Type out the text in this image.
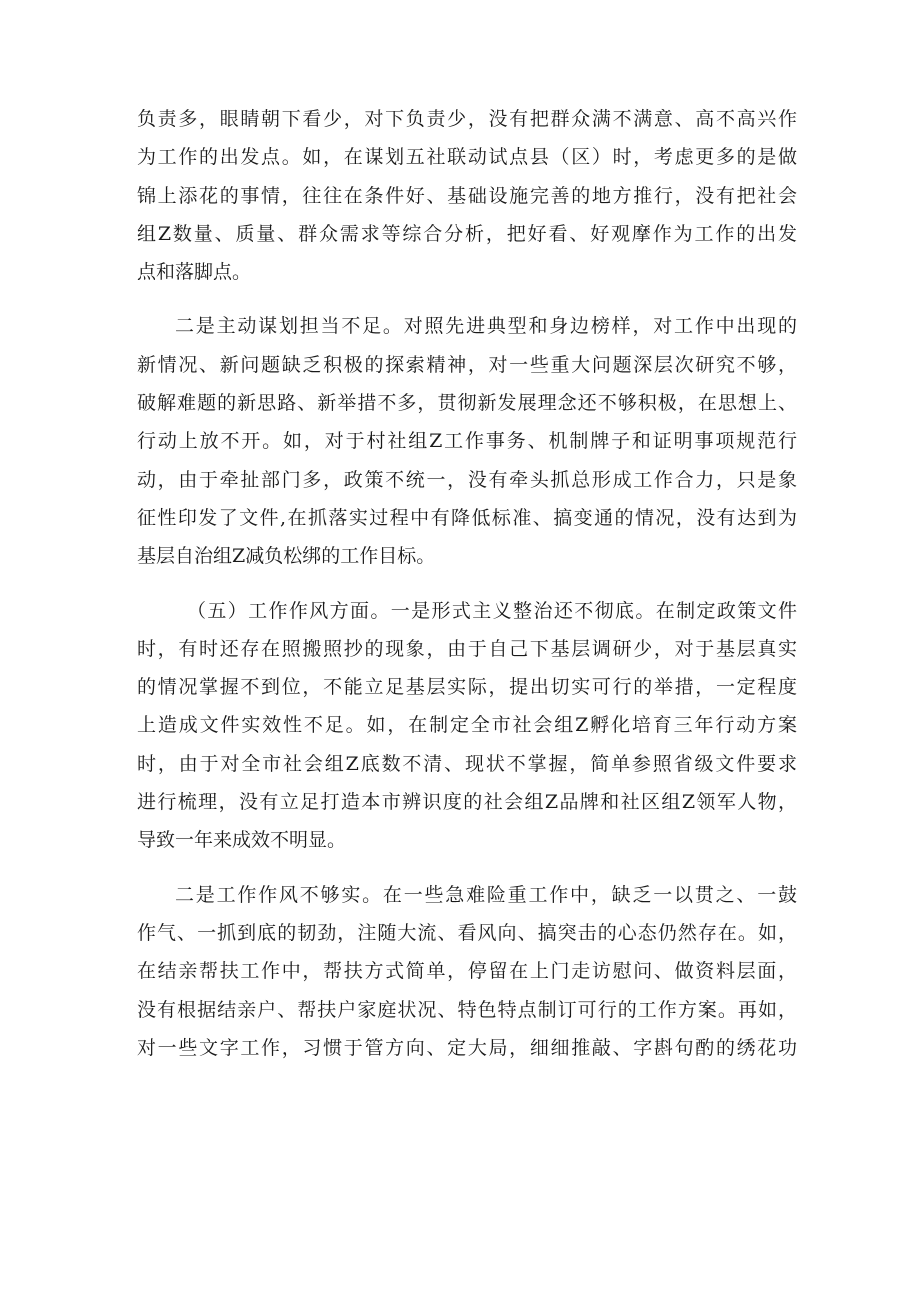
负责多，眼睛朝下看少，对下负责少，没有把群众满不满意、高不高兴作
为工作的出发点。如，在谋划五社联动试点县（区）时，考虑更多的是做
锦上添花的事情，往往在条件好、基础设施完善的地方推行，没有把社会
组Z数量、质量、群众需求等综合分析，把好看、好观摩作为工作的出发
点和落脚点。
二是主动谋划担当不足。对照先进典型和身边榜样，对工作中出现的
新情况、新问题缺乏积极的探索精神，对一些重大问题深层次研究不够，
破解难题的新思路、新举措不多，贯彻新发展理念还不够积极，在思想上、
行动上放不开。如，对于村社组Z工作事务、机制牌子和证明事项规范行
动，由于牵扯部门多，政策不统一，没有牵头抓总形成工作合力，只是象
征性印发了文件,在抓落实过程中有降低标准、搞变通的情况，没有达到为
基层自治组Z减负松绑的工作目标。
（五）工作作风方面。一是形式主义整治还不彻底。在制定政策文件
时，有时还存在照搬照抄的现象，由于自己下基层调研少，对于基层真实
的情况掌握不到位，不能立足基层实际，提出切实可行的举措，一定程度
上造成文件实效性不足。如，在制定全市社会组Z孵化培育三年行动方案
时，由于对全市社会组Z底数不清、现状不掌握，简单参照省级文件要求
进行梳理，没有立足打造本市辨识度的社会组Z品牌和社区组Z领军人物，
导致一年来成效不明显。
二是工作作风不够实。在一些急难险重工作中，缺乏一以贯之、一鼓
作气、一抓到底的韧劲，注随大流、看风向、搞突击的心态仍然存在。如，
在结亲帮扶工作中，帮扶方式简单，停留在上门走访慰问、做资料层面，
没有根据结亲户、帮扶户家庭状况、特色特点制订可行的工作方案。再如，
对一些文字工作，习惯于管方向、定大局，细细推敲、字斟句酌的绣花功
